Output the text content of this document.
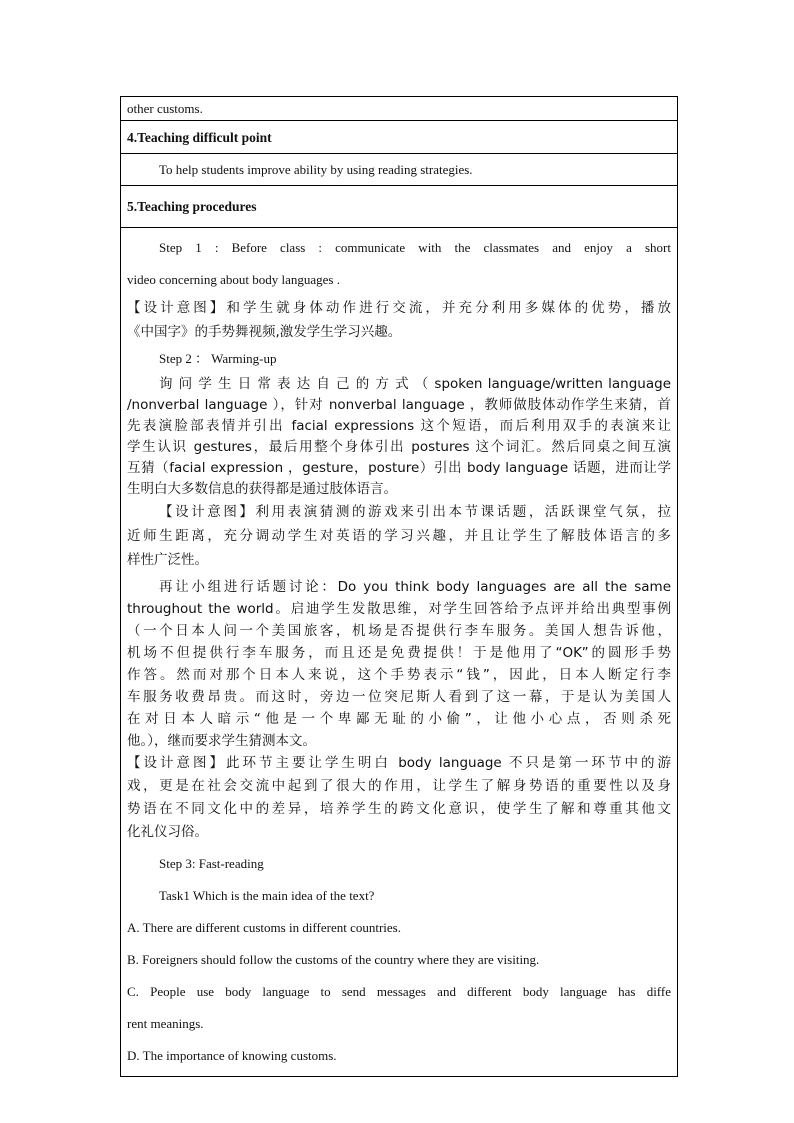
other customs.
4.Teaching difficult point
To help students improve ability by using reading strategies.
5.Teaching procedures

Step 1 : Before class : communicate with the classmates and enjoy a short

video concerning about body languages .

【设计意图】和学生就身体动作进行交流，并充分利用多媒体的优势，播放

《中国字》的手势舞视频,激发学生学习兴趣。

Step 2 ： Warming-up

询 问 学 生 日 常 表 达 自 己 的 方 式 （ spoken language/written language

/nonverbal language ），针对 nonverbal language ，教师做肢体动作学生来猜，首

先表演脸部表情并引出 facial expressions 这个短语，而后利用双手的表演来让

学生认识 gestures，最后用整个身体引出 postures 这个词汇。然后同桌之间互演

互猜（facial expression ，gesture，posture）引出 body language 话题，进而让学

生明白大多数信息的获得都是通过肢体语言。

【设计意图】利用表演猜测的游戏来引出本节课话题，活跃课堂气氛，拉

近师生距离，充分调动学生对英语的学习兴趣，并且让学生了解肢体语言的多

样性广泛性。

再让小组进行话题讨论：Do you think body languages are all the same

throughout the world。启迪学生发散思维，对学生回答给予点评并给出典型事例

（一个日本人问一个美国旅客，机场是否提供行李车服务。美国人想告诉他，

机场不但提供行李车服务，而且还是免费提供！于是他用了“OK”的圆形手势

作答。然而对那个日本人来说，这个手势表示“钱”，因此，日本人断定行李

车服务收费昂贵。而这时，旁边一位突尼斯人看到了这一幕，于是认为美国人

在对日本人暗示“他是一个卑鄙无耻的小偷”，让他小心点，否则杀死

他。），继而要求学生猜测本文。

【设计意图】此环节主要让学生明白 body language 不只是第一环节中的游

戏，更是在社会交流中起到了很大的作用，让学生了解身势语的重要性以及身

势语在不同文化中的差异，培养学生的跨文化意识，使学生了解和尊重其他文

化礼仪习俗。

Step 3: Fast-reading

Task1 Which is the main idea of the text?

A. There are different customs in different countries.

B. Foreigners should follow the customs of the country where they are visiting.

C. People use body language to send messages and different body language has diffe

rent meanings.

D. The importance of knowing customs.
